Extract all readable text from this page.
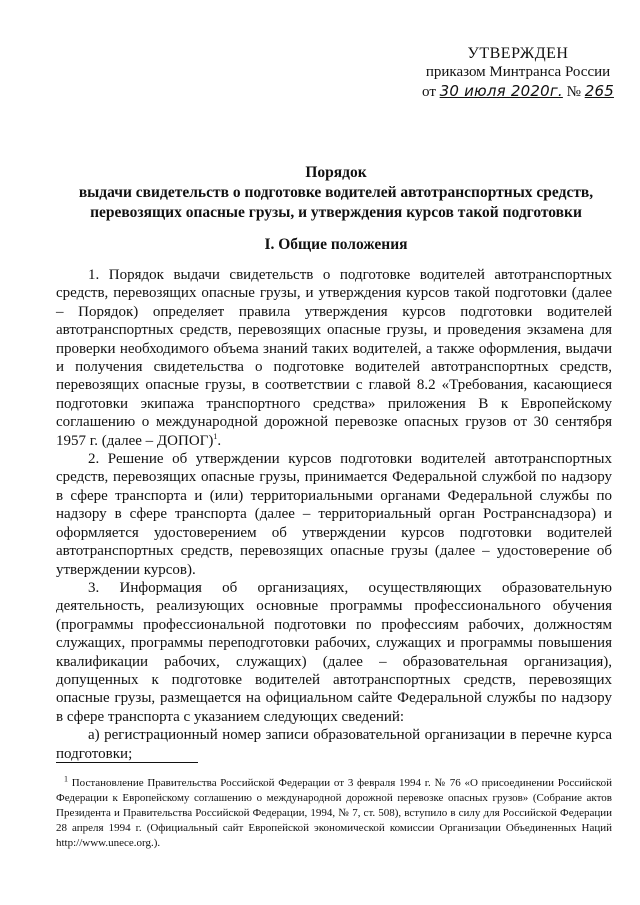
УТВЕРЖДЕН
приказом Минтранса России
от 30 июля 2020г. № 265
Порядок
выдачи свидетельств о подготовке водителей автотранспортных средств,
перевозящих опасные грузы, и утверждения курсов такой подготовки
I. Общие положения

1. Порядок выдачи свидетельств о подготовке водителей автотранспортных средств, перевозящих опасные грузы, и утверждения курсов такой подготовки (далее – Порядок) определяет правила утверждения курсов подготовки водителей автотранспортных средств, перевозящих опасные грузы, и проведения экзамена для проверки необходимого объема знаний таких водителей, а также оформления, выдачи и получения свидетельства о подготовке водителей автотранспортных средств, перевозящих опасные грузы, в соответствии с главой 8.2 «Требования, касающиеся подготовки экипажа транспортного средства» приложения B к Европейскому соглашению о международной дорожной перевозке опасных грузов от 30 сентября 1957 г. (далее – ДОПОГ)$^1$.

2. Решение об утверждении курсов подготовки водителей автотранспортных средств, перевозящих опасные грузы, принимается Федеральной службой по надзору в сфере транспорта и (или) территориальными органами Федеральной службы по надзору в сфере транспорта (далее – территориальный орган Ространснадзора) и оформляется удостоверением об утверждении курсов подготовки водителей автотранспортных средств, перевозящих опасные грузы (далее – удостоверение об утверждении курсов).

3. Информация об организациях, осуществляющих образовательную деятельность, реализующих основные программы профессионального обучения (программы профессиональной подготовки по профессиям рабочих, должностям служащих, программы переподготовки рабочих, служащих и программы повышения квалификации рабочих, служащих) (далее – образовательная организация), допущенных к подготовке водителей автотранспортных средств, перевозящих опасные грузы, размещается на официальном сайте Федеральной службы по надзору в сфере транспорта с указанием следующих сведений:

а) регистрационный номер записи образовательной организации в перечне курса подготовки;

$^1$ Постановление Правительства Российской Федерации от 3 февраля 1994 г. № 76 «О присоединении Российской Федерации к Европейскому соглашению о международной дорожной перевозке опасных грузов» (Собрание актов Президента и Правительства Российской Федерации, 1994, № 7, ст. 508), вступило в силу для Российской Федерации 28 апреля 1994 г. (Официальный сайт Европейской экономической комиссии Организации Объединенных Наций http://www.unece.org.).
